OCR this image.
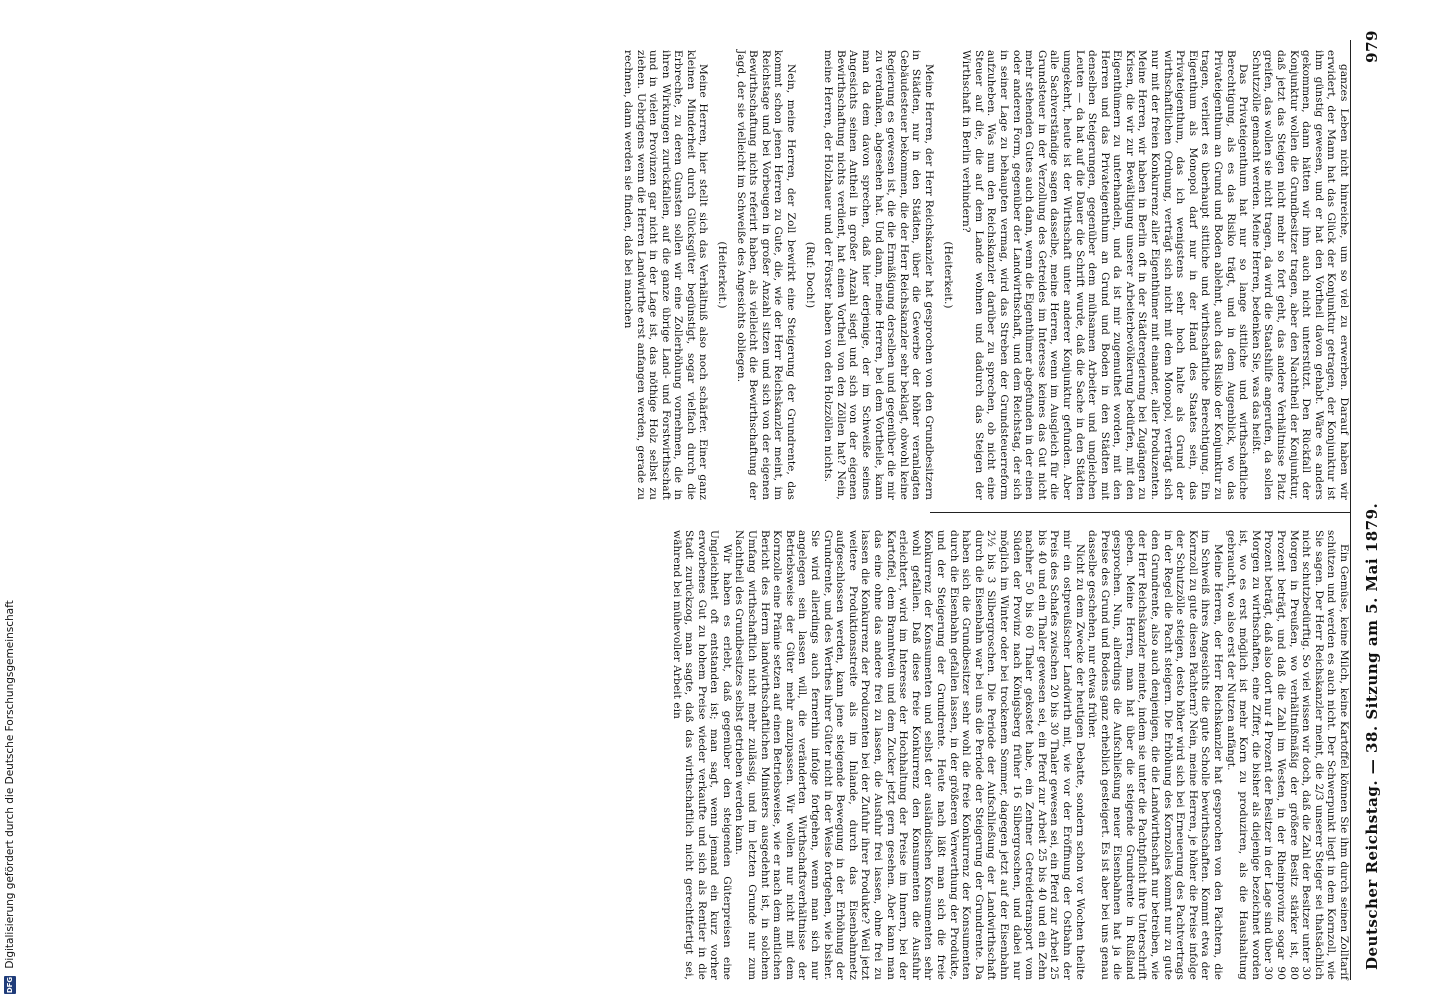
Deutscher Reichstag. — 38. Sitzung am 5. Mai 1879.
979

Ein Gemüse, keine Milch, keine Kartoffel können Sie ihm durch seinen Zolltarif schützen und werden es auch nicht. Der Schwerpunkt liegt in dem Kornzoll, wie Sie sagen. Der Herr Reichskanzler meint, die 2/3 unserer Steiger sei thatsächlich nicht schutzbedürftig. So viel wissen wir doch, daß die Zahl der Besitzer unter 30 Morgen in Preußen, wo verhältnißmäßig der größere Besitz stärker ist, 80 Prozent beträgt, und daß die Zahl im Westen, in der Rheinprovinz sogar 90 Prozent beträgt, daß also dort nur 4 Prozent der Besitzer in der Lage sind über 30 Morgen zu wirthschaften, eine Ziffer, die bisher als diejenige bezeichnet worden ist, wo es erst möglich ist mehr Korn zu produziren, als die Haushaltung gebraucht, wo also erst der Nutzen anfängt.

Meine Herren, der Herr Reichskanzler hat gesprochen von den Pächtern, die im Schweiß ihres Angesichts die gute Scholle bewirthschaften. Kommt etwa der Kornzoll zu gute diesen Pächtern? Nein, meine Herren, je höher die Preise infolge der Schutzzölle steigen, desto höher wird sich bei Erneuerung des Pachtvertrags in der Regel die Pacht steigern. Die Erhöhung des Kornzolles kommt nur zu gute den Grundrente, also auch denjenigen, die die Landwirthschaft nur betreiben, wie der Herr Reichskanzler meinte, indem sie unter die Pachtpflicht ihre Unterschrift geben. Meine Herren, man hat über die steigende Grundrente in Rußland gesprochen. Nun, allerdings die Aufschließung neuer Eisenbahnen hat ja die Preise des Grund und Bodens ganz erheblich gesteigert. Es ist aber bei uns genau dasselbe geschehen, nur etwas früher.

Nicht zu dem Zwecke der heutigen Debatte, sondern schon vor Wochen theilte mir ein ostpreußischer Landwirth mit, wie vor der Eröffnung der Ostbahn der Preis des Schafes zwischen 20 bis 30 Thaler gewesen sei, ein Pferd zur Arbeit 25 bis 40 und ein Thaler gewesen sei, ein Pferd zur Arbeit 25 bis 40 und ein Zehn nachher 50 bis 60 Thaler gekostet habe, ein Zentner Getreidetransport vom Süden der Provinz nach Königsberg früher 16 Silbergroschen, und dabei nur möglich im Winter oder bei trockenem Sommer, dagegen jetzt auf der Eisenbahn 2½ bis 3 Silbergroschen. Die Periode der Aufschließung der Landwirthschaft durch die Eisenbahn war bei uns die Periode der Steigerung der Grundrente. Da haben sich die Grundbesitzer sehr wohl die freie Konkurrenz der Konsumenten durch die Eisenbahn gefallen lassen, in der größeren Verwerthung der Produkte, und der Steigerung der Grundrente. Heute nach läßt man sich die freie Konkurrenz der Konsumenten und selbst der ausländischen Konsumenten sehr wohl gefallen. Daß diese freie Konkurrenz den Konsumenten die Ausfuhr erleichtert, wird im Interesse der Hochhaltung der Preise im Innern, bei der Kartoffel, dem Branntwein und dem Zucker jetzt gern gesehen. Aber kann man das eine ohne das andere frei zu lassen, die Ausfuhr frei lassen, ohne frei zu lassen die Konkurrenz der Produzenten bei der Zufuhr ihrer Produkte? Weil jetzt weitere Produktionsstreite als im Inlande, durch das Eisenbahnnetz aufgeschlossen werden, kann jene steigende Bewegung in der Erhöhung der Grundrente, und des Werthes ihrer Güter nicht in der Weise fortgehen, wie bisher. Sie wird allerdings auch fernerhin infolge fortgehen, wenn man sich nur angelegen sein lassen will, die veränderten Wirthschaftsverhältnisse der Betriebsweise der Güter mehr anzupassen. Wir wollen nur nicht mit dem Kornzolle eine Prämie setzen auf einen Betriebsweise, wie er nach dem amtlichen Bericht des Herrn landwirthschaftlichen Ministers ausgedehnt ist, in solchem Umfang wirthschaftlich nicht mehr zulässig, und im letzten Grunde nur zum Nachtheil des Grundbesitzes selbst getrieben werden kann.

Wir haben es erlebt, daß gegenüber den steigenden Güterpreisen eine Ungleichheit oft entstanden ist; man sagt, wenn jemand ein kurz vorher erworbenes Gut zu hohem Preise wieder verkaufte und sich als Rentier in die Stadt zurückzog, man sagte, daß das wirthschaftlich nicht gerechtfertigt sei, während bei mühevoller Arbeit ein

ganzes Leben nicht hinreiche, um so viel zu erwerben. Darauf haben wir erwidert, der Mann hat das Glück der Konjunktur getragen, der Konjunktur ist ihm günstig gewesen, und er hat den Vortheil davon gehabt. Wäre es anders gekommen, dann hätten wir ihm auch nicht unterstützt. Den Rückfall der Konjunktur wollen die Grundbesitzer tragen, aber den Nachtheil der Konjunktur, daß jetzt das Steigen nicht mehr so fort geht, das andere Verhältnisse Platz greifen, das wollen sie nicht tragen, da wird die Staatshilfe angerufen, da sollen Schutzzölle gemacht werden. Meine Herren, bedenken Sie, was das heißt.

Das Privateigenthum hat nur so lange sittliche und wirthschaftliche Berechtigung, als es das Risiko trägt, und in dem Augenblick, wo das Privateigenthum an Grund und Boden ablehnt, auch das Risiko der Konjunktur zu tragen, verliert es überhaupt sittliche und wirthschaftliche Berechtigung. Ein Eigenthum als Monopol darf nur in der Hand des Staates sein, das Privateigenthum, das ich wenigstens sehr hoch halte als Grund der wirthschaftlichen Ordnung, verträgt sich nicht mit dem Monopol, verträgt sich nur mit der freien Konkurrenz aller Eigenthümer mit einander, aller Produzenten. Meine Herren, wir haben in Berlin oft in der Städteregierung bei Zugängen zu Krisen, die wir zur Bewältigung unserer Arbeiterbevölkerung bedürfen, mit den Eigenthümern zu unterhandeln, und da ist mir zugemuthet worden, mit den Herren und das Privateigenthum an Grund und Boden in den Städten mit denselben Steigerungen, gegenüber dem mühsamen Arbeiter und ungleichen Leuten — da hat auf die Dauer die Schrift wurde, daß die Sache in den Städten umgekehrt, heute ist der Wirthschaft unter anderer Konjunktur gefunden. Aber alle Sachverständige sagen dasselbe, meine Herren, wenn im Ausgleich für die Grundsteuer in der Verzollung des Getreides im Interesse keines das Gut nicht mehr stehenden Gutes auch dann, wenn die Eigenthümer abgefunden in der einen oder anderen Form, gegenüber der Landwirthschaft, und dem Reichstag, der sich in seiner Lage zu behaupten vermag, wird das Streben der Grundsteuerreform aufzuheben. Was nun den Reichskanzler darüber zu sprechen, ob nicht eine Steuer auf die, die auf dem Lande wohnen und dadurch das Steigen der Wirthschaft in Berlin verhindern?

(Heiterkeit.)

Meine Herren, der Herr Reichskanzler hat gesprochen von den Grundbesitzern in Städten, nur in den Städten, über die Gewerbe der höher veranlagten Gebäudesteuer bekommen, die der Herr Reichskanzler sehr beklagt, obwohl keine Regierung es gewesen ist, die die Ermäßigung derselben und gegenüber die mir zu verdanken, abgesehen hat. Und dann, meine Herren, bei dem Vortheile, kann man da dem davon sprechen, daß hier derjenige, der im Schweiße seines Angesichts seinen Antheil in großer Anzahl siegt und sich von der eigenen Bewirthschaftung nichts verdient, hat einen Vortheil von den Zöllen hat? Nein, meine Herren, der Holzhauer und der Förster haben von den Holzzöllen nichts.

(Ruf: Doch!)

Nein, meine Herren, der Zoll bewirkt eine Steigerung der Grundrente, das kommt schon jenen Herren zu Gute, die, wie der Herr Reichskanzler meint, im Reichstage und bei Vorbeugen in großer Anzahl sitzen und sich von der eigenen Bewirthschaftung nichts referirt haben, als vielleicht die Bewirthschaftung der Jagd, der sie vielleicht im Schweiße des Angesichts obliegen.

(Heiterkeit.)

Meine Herren, hier stellt sich das Verhältniß also noch schärfer. Einer ganz kleinen Minderheit durch Glücksgüter begünstigt, sogar vielfach durch die Erbrechte, zu deren Gunsten sollen wir eine Zollerhöhung vornehmen, die in ihren Wirkungen zurückfallen, auf die ganze übrige Land- und Forstwirthschaft und in vielen Provinzen gar nicht in der Lage ist, das nöthige Holz selbst zu ziehen. Uebrigens wenn die Herren Landwirthe erst anfangen werden, gerade zu rechnen, dann werden sie finden, daß bei manchen

DFG Digitalisierung gefördert durch die Deutsche Forschungsgemeinschaft
